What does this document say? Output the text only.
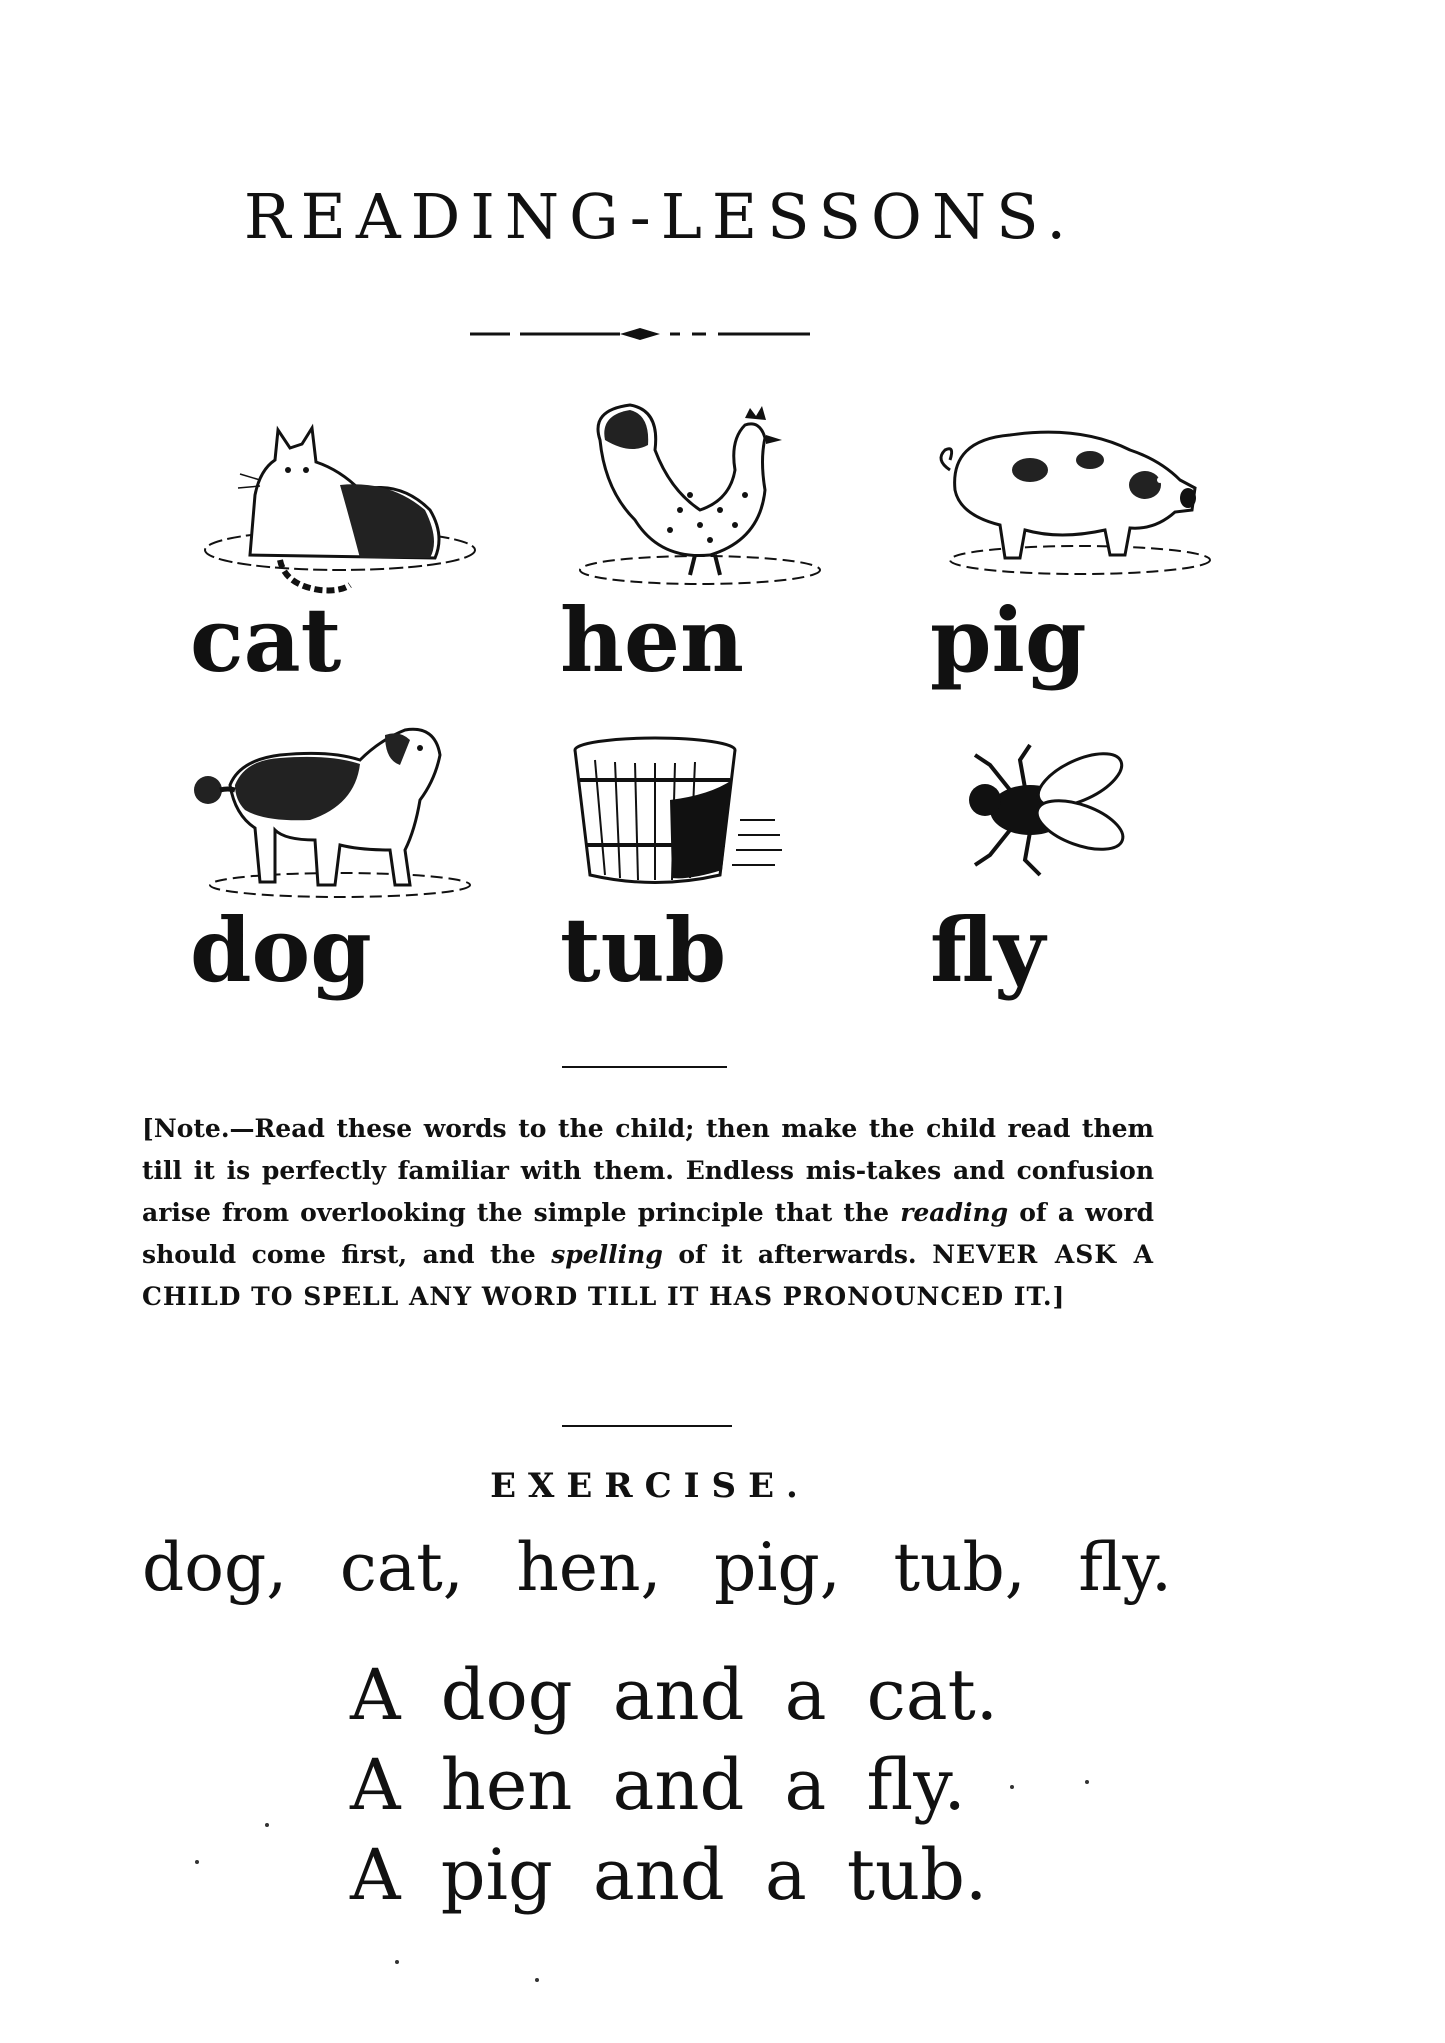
READING-LESSONS.
cat	hen	pig
dog	tub	fly
[Note.—Read these words to the child; then make the child read them till it is perfectly familiar with them. Endless mis-takes and confusion arise from overlooking the simple principle that the reading of a word should come first, and the spelling of it afterwards. NEVER ASK A CHILD TO SPELL ANY WORD TILL IT HAS PRONOUNCED IT.]
EXERCISE.
dog, cat, hen, pig, tub, fly.
A dog and a cat.
A hen and a fly.
A pig and a tub.
